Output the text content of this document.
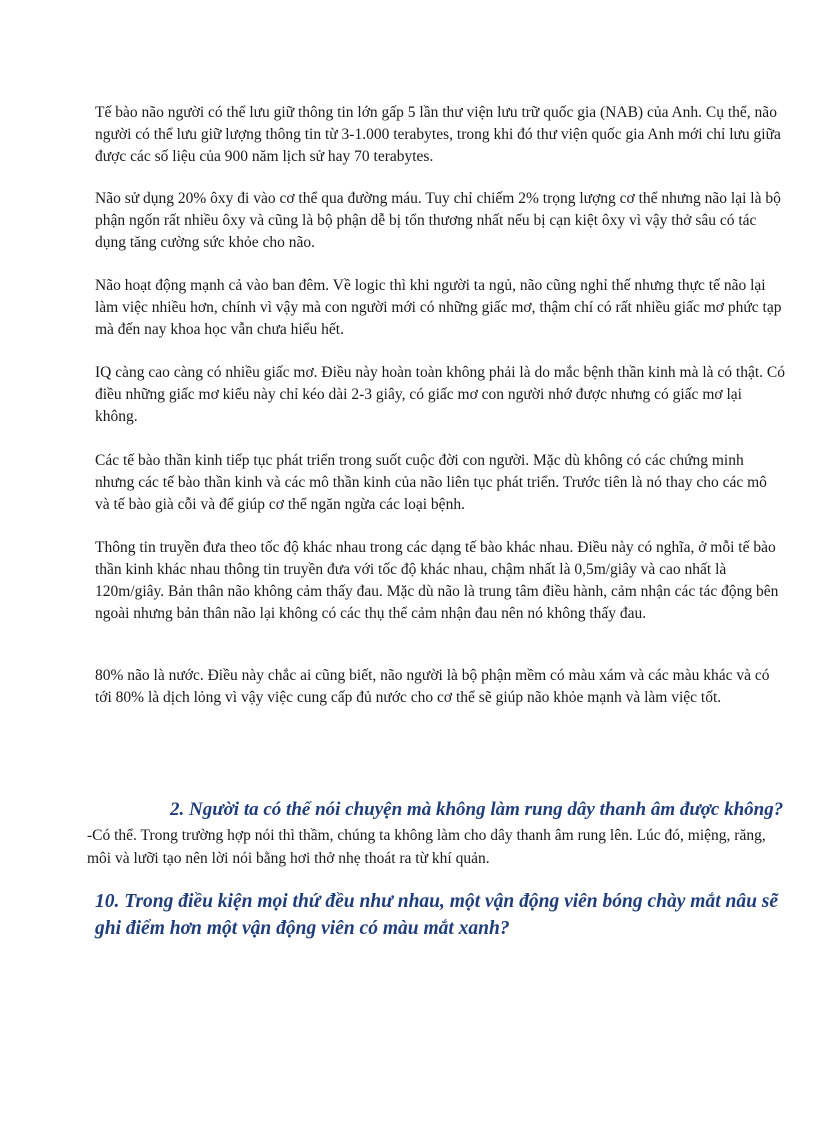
Tế bào não người có thể lưu giữ thông tin lớn gấp 5 lần thư viện lưu trữ quốc gia (NAB) của Anh. Cụ thể, não người có thể lưu giữ lượng thông tin từ 3-1.000 terabytes, trong khi đó thư viện quốc gia Anh mới chỉ lưu giữa được các số liệu của 900 năm lịch sử hay 70 terabytes.

Não sử dụng 20% ôxy đi vào cơ thể qua đường máu. Tuy chỉ chiếm 2% trọng lượng cơ thể nhưng não lại là bộ phận ngốn rất nhiều ôxy và cũng là bộ phận dễ bị tổn thương nhất nếu bị cạn kiệt ôxy vì vậy thở sâu có tác dụng tăng cường sức khỏe cho não.

Não hoạt động mạnh cả vào ban đêm. Về logic thì khi người ta ngủ, não cũng nghỉ thế nhưng thực tế não lại làm việc nhiều hơn, chính vì vậy mà con người mới có những giấc mơ, thậm chí có rất nhiều giấc mơ phức tạp mà đến nay khoa học vẫn chưa hiểu hết.

IQ càng cao càng có nhiều giấc mơ. Điều này hoàn toàn không phải là do mắc bệnh thần kinh mà là có thật. Có điều những giấc mơ kiểu này chỉ kéo dài 2-3 giây, có giấc mơ con người nhớ được nhưng có giấc mơ lại không.

Các tế bào thần kinh tiếp tục phát triển trong suốt cuộc đời con người. Mặc dù không có các chứng minh nhưng các tế bào thần kinh và các mô thần kinh của não liên tục phát triển. Trước tiên là nó thay cho các mô và tế bào già cỗi và để giúp cơ thể ngăn ngừa các loại bệnh.

Thông tin truyền đưa theo tốc độ khác nhau trong các dạng tế bào khác nhau. Điều này có nghĩa, ở mỗi tế bào thần kinh khác nhau thông tin truyền đưa với tốc độ khác nhau, chậm nhất là 0,5m/giây và cao nhất là 120m/giây. Bản thân não không cảm thấy đau. Mặc dù não là trung tâm điều hành, cảm nhận các tác động bên ngoài nhưng bản thân não lại không có các thụ thể cảm nhận đau nên nó không thấy đau.

80% não là nước. Điều này chắc ai cũng biết, não người là bộ phận mềm có màu xám và các màu khác và có tới 80% là dịch lỏng vì vậy việc cung cấp đủ nước cho cơ thể sẽ giúp não khỏe mạnh và làm việc tốt.

2. Người ta có thể nói chuyện mà không làm rung dây thanh âm được không?

-Có thể. Trong trường hợp nói thì thầm, chúng ta không làm cho dây thanh âm rung lên. Lúc đó, miệng, răng, môi và lưỡi tạo nên lời nói bằng hơi thở nhẹ thoát ra từ khí quản.

10. Trong điều kiện mọi thứ đều như nhau, một vận động viên bóng chày mắt nâu sẽ ghi điểm hơn một vận động viên có màu mắt xanh?
